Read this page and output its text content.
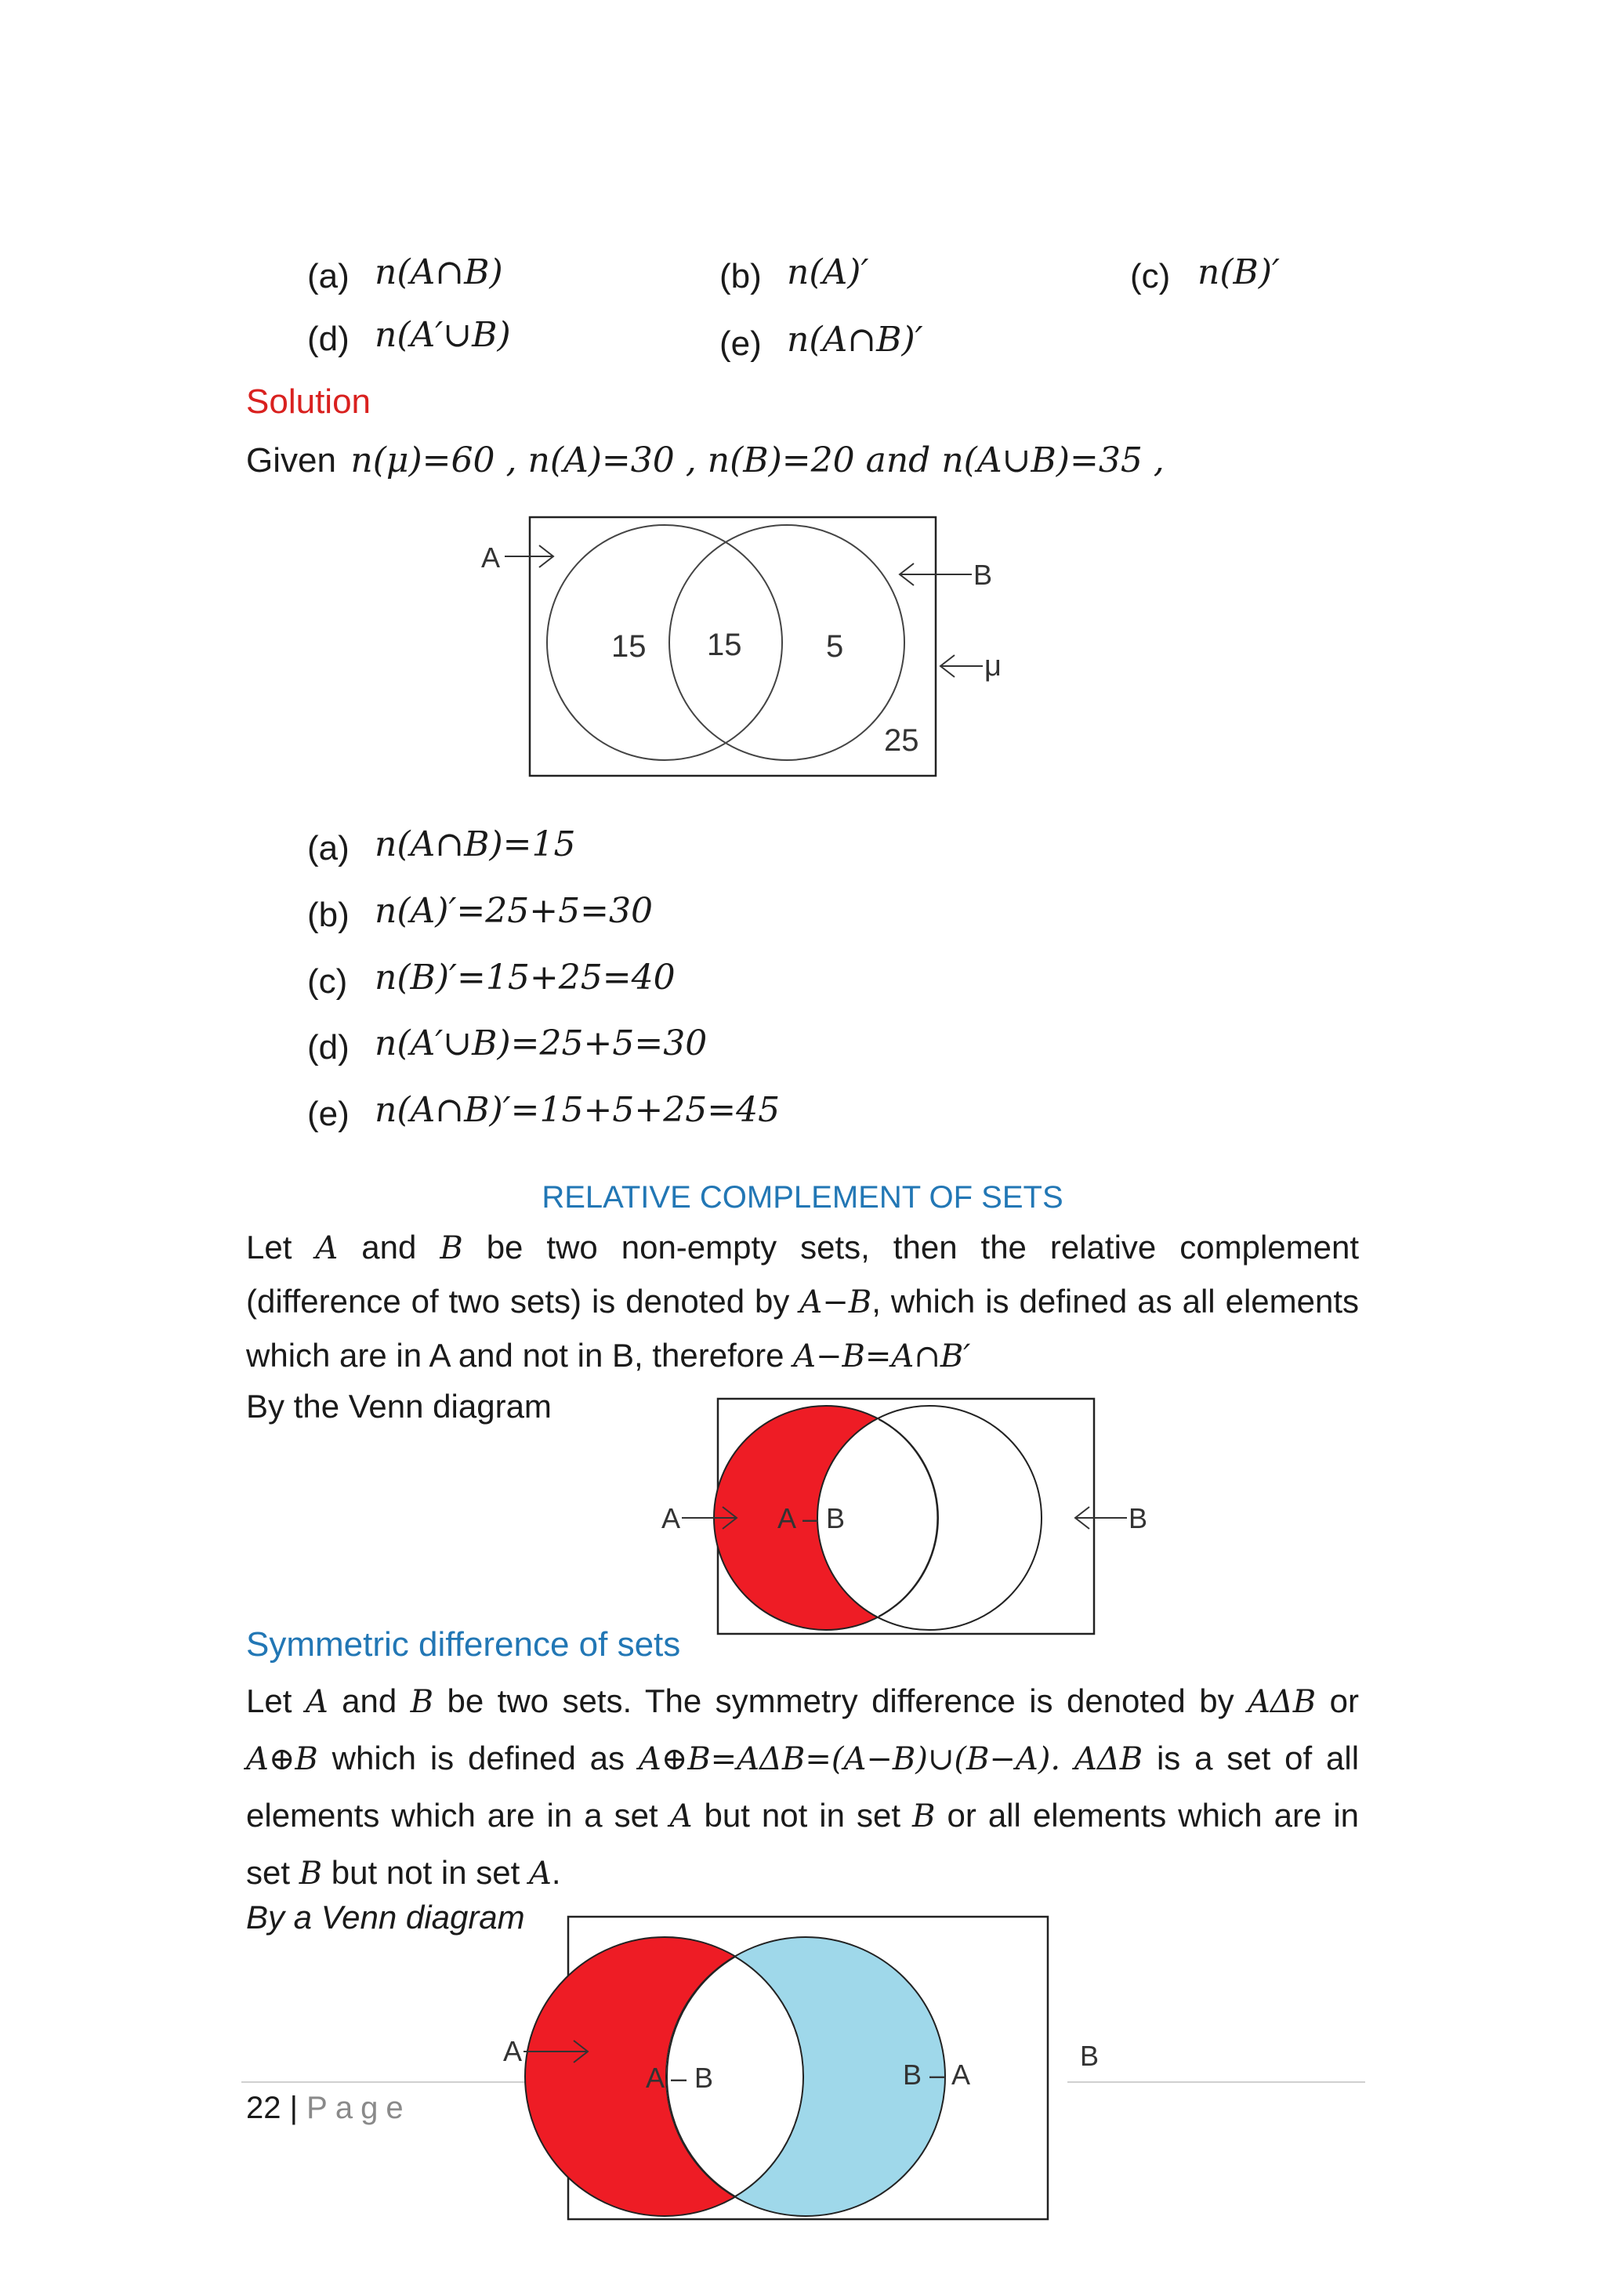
(a) n(A∩B)	(b) n(A)′	(c) n(B)′
(d) n(A′∪B)	(e) n(A∩B)′
Solution
Given n(μ)=60 , n(A)=30 , n(B)=20 and n(A∪B)=35 ,
A
B
μ
15 15	5
25
(a) n(A∩B)=15
(b) n(A)′=25+5=30
(c) n(B)′=15+25=40
(d) n(A′∪B)=25+5=30
(e) n(A∩B)′=15+5+25=45
RELATIVE COMPLEMENT OF SETS
Let A and B be two non-empty sets, then the relative complement (difference of two sets) is denoted by A−B, which is defined as all elements which are in A and not in B, therefore A−B=A∩B′
By the Venn diagram
A	A – B	B
Symmetric difference of sets
Let A and B be two sets. The symmetry difference is denoted by AΔB or A⊕B which is defined as A⊕B=AΔB=(A−B)∪(B−A). AΔB is a set of all elements which are in a set A but not in set B or all elements which are in set B but not in set A.
By a Venn diagram
22 | Page
A
A – B	B – A
B
